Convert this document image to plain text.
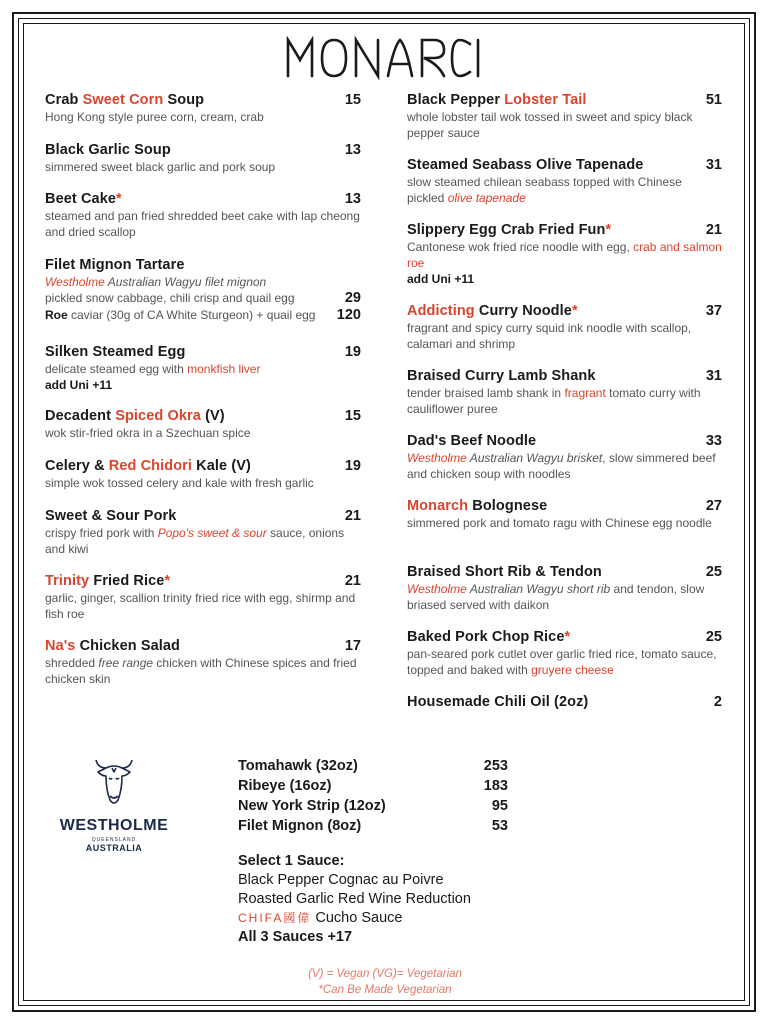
Crab Sweet Corn Soup	15
Hong Kong style puree corn, cream, crab
Black Garlic Soup	13
simmered sweet black garlic and pork soup
Beet Cake*	13
steamed and pan fried shredded beet cake with lap cheong and dried scallop
Filet Mignon Tartare
Westholme Australian Wagyu filet mignon
pickled snow cabbage, chili crisp and quail egg	29
Roe caviar (30g of CA White Sturgeon) + quail egg 120
Silken Steamed Egg	19
delicate steamed egg with monkfish liver
add Uni +11
Decadent Spiced Okra (V)	15
wok stir-fried okra in a Szechuan spice
Celery & Red Chidori Kale (V)	19
simple wok tossed celery and kale with fresh garlic
Sweet & Sour Pork	21
crispy fried pork with Popo's sweet & sour sauce, onions and kiwi
Trinity Fried Rice*	21
garlic, ginger, scallion trinity fried rice with egg, shirmp and fish roe
Na's Chicken Salad	17
shredded free range chicken with Chinese spices and fried chicken skin
Black Pepper Lobster Tail	51
whole lobster tail wok tossed in sweet and spicy black pepper sauce
Steamed Seabass Olive Tapenade	31
slow steamed chilean seabass topped with Chinese pickled olive tapenade
Slippery Egg Crab Fried Fun*	21
Cantonese wok fried rice noodle with egg, crab and salmon roe
add Uni +11
Addicting Curry Noodle*	37
fragrant and spicy curry squid ink noodle with scallop, calamari and shrimp
Braised Curry Lamb Shank	31
tender braised lamb shank in fragrant tomato curry with cauliflower puree
Dad's Beef Noodle	33
Westholme Australian Wagyu brisket, slow simmered beef and chicken soup with noodles
Monarch Bolognese	27
simmered pork and tomato ragu with Chinese egg noodle
Braised Short Rib & Tendon	25
Westholme Australian Wagyu short rib and tendon, slow briased served with daikon
Baked Pork Chop Rice*	25
pan-seared pork cutlet over garlic fried rice, tomato sauce, topped and baked with gruyere cheese
Housemade Chili Oil (2oz)	2
WESTHOLME
QUEENSLAND
AUSTRALIA
Tomahawk (32oz)	253
Ribeye (16oz)	183
New York Strip (12oz)	95
Filet Mignon (8oz)	53
Select 1 Sauce:
Black Pepper Cognac au Poivre
Roasted Garlic Red Wine Reduction
CHIFA國偉 Cucho Sauce
All 3 Sauces +17
(V) = Vegan (VG)= Vegetarian
*Can Be Made Vegetarian
